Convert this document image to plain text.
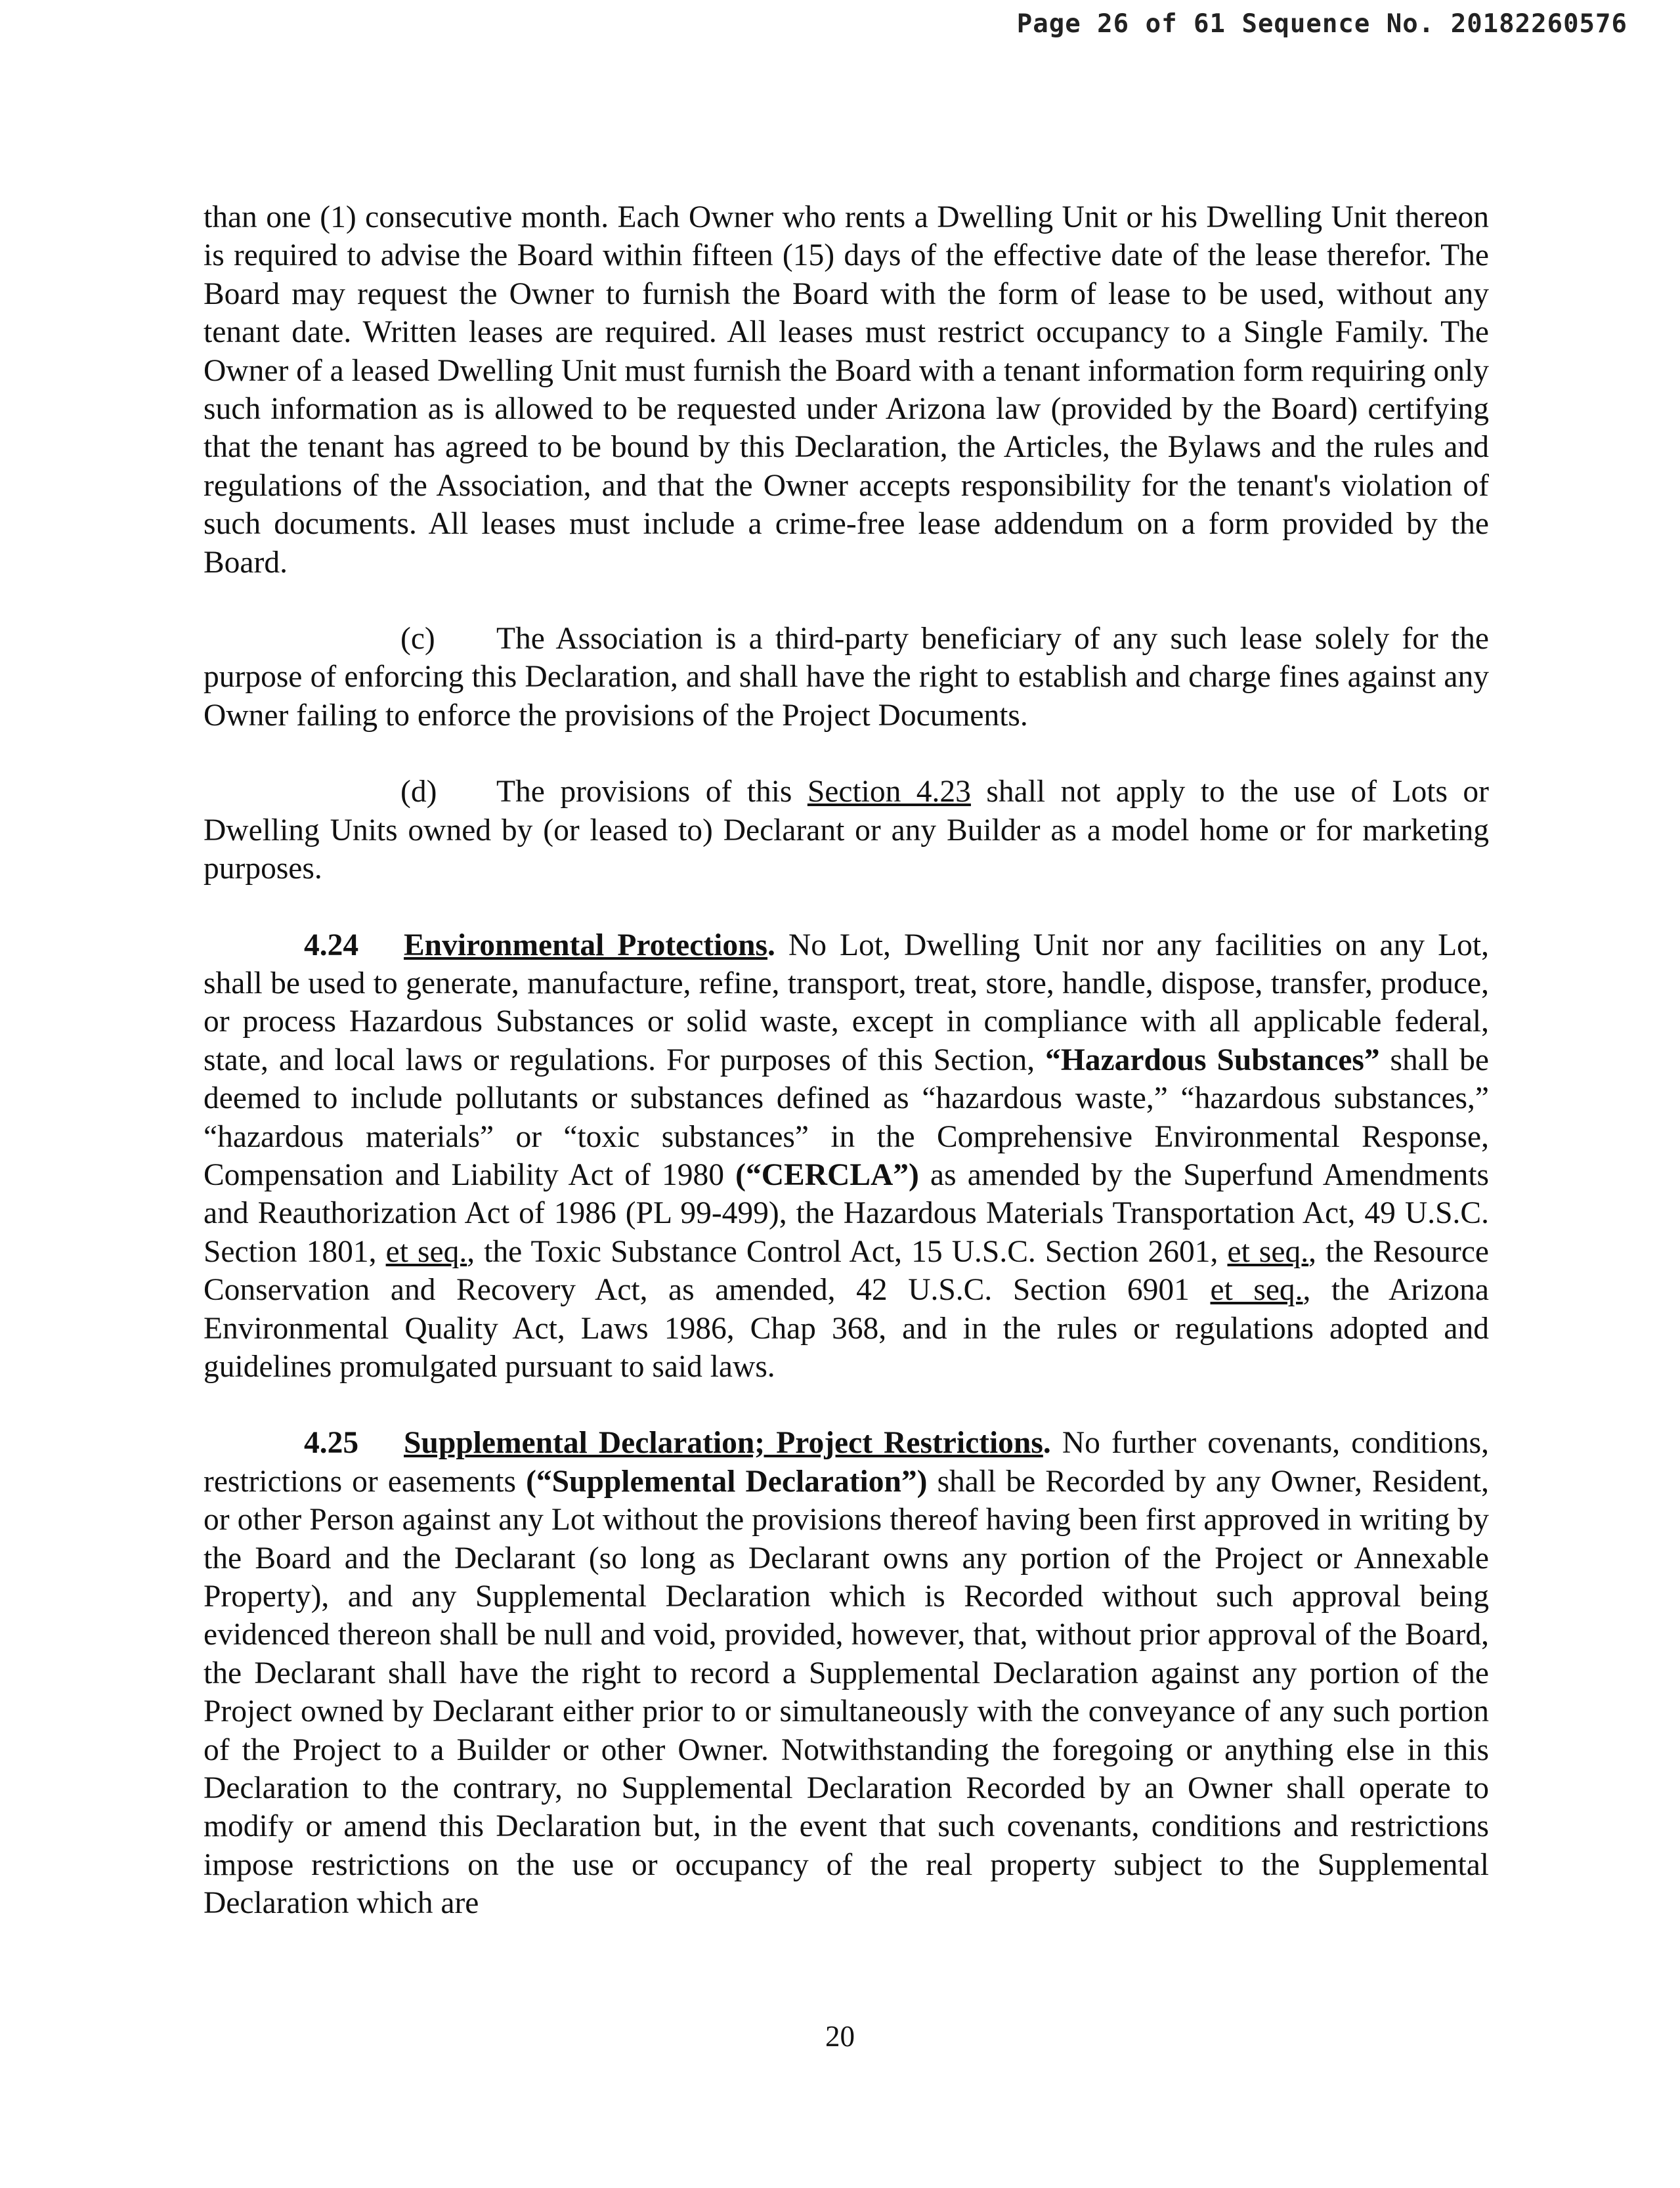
Page 26 of 61 Sequence No. 20182260576

than one (1) consecutive month. Each Owner who rents a Dwelling Unit or his Dwelling Unit thereon is required to advise the Board within fifteen (15) days of the effective date of the lease therefor. The Board may request the Owner to furnish the Board with the form of lease to be used, without any tenant date. Written leases are required. All leases must restrict occupancy to a Single Family. The Owner of a leased Dwelling Unit must furnish the Board with a tenant information form requiring only such information as is allowed to be requested under Arizona law (provided by the Board) certifying that the tenant has agreed to be bound by this Declaration, the Articles, the Bylaws and the rules and regulations of the Association, and that the Owner accepts responsibility for the tenant's violation of such documents. All leases must include a crime-free lease addendum on a form provided by the Board.

(c) The Association is a third-party beneficiary of any such lease solely for the purpose of enforcing this Declaration, and shall have the right to establish and charge fines against any Owner failing to enforce the provisions of the Project Documents.

(d) The provisions of this Section 4.23 shall not apply to the use of Lots or Dwelling Units owned by (or leased to) Declarant or any Builder as a model home or for marketing purposes.

4.24 Environmental Protections. No Lot, Dwelling Unit nor any facilities on any Lot, shall be used to generate, manufacture, refine, transport, treat, store, handle, dispose, transfer, produce, or process Hazardous Substances or solid waste, except in compliance with all applicable federal, state, and local laws or regulations. For purposes of this Section, “Hazardous Substances” shall be deemed to include pollutants or substances defined as “hazardous waste,” “hazardous substances,” “hazardous materials” or “toxic substances” in the Comprehensive Environmental Response, Compensation and Liability Act of 1980 (“CERCLA”) as amended by the Superfund Amendments and Reauthorization Act of 1986 (PL 99-499), the Hazardous Materials Transportation Act, 49 U.S.C. Section 1801, et seq., the Toxic Substance Control Act, 15 U.S.C. Section 2601, et seq., the Resource Conservation and Recovery Act, as amended, 42 U.S.C. Section 6901 et seq., the Arizona Environmental Quality Act, Laws 1986, Chap 368, and in the rules or regulations adopted and guidelines promulgated pursuant to said laws.

4.25 Supplemental Declaration; Project Restrictions. No further covenants, conditions, restrictions or easements (“Supplemental Declaration”) shall be Recorded by any Owner, Resident, or other Person against any Lot without the provisions thereof having been first approved in writing by the Board and the Declarant (so long as Declarant owns any portion of the Project or Annexable Property), and any Supplemental Declaration which is Recorded without such approval being evidenced thereon shall be null and void, provided, however, that, without prior approval of the Board, the Declarant shall have the right to record a Supplemental Declaration against any portion of the Project owned by Declarant either prior to or simultaneously with the conveyance of any such portion of the Project to a Builder or other Owner. Notwithstanding the foregoing or anything else in this Declaration to the contrary, no Supplemental Declaration Recorded by an Owner shall operate to modify or amend this Declaration but, in the event that such covenants, conditions and restrictions impose restrictions on the use or occupancy of the real property subject to the Supplemental Declaration which are

20
